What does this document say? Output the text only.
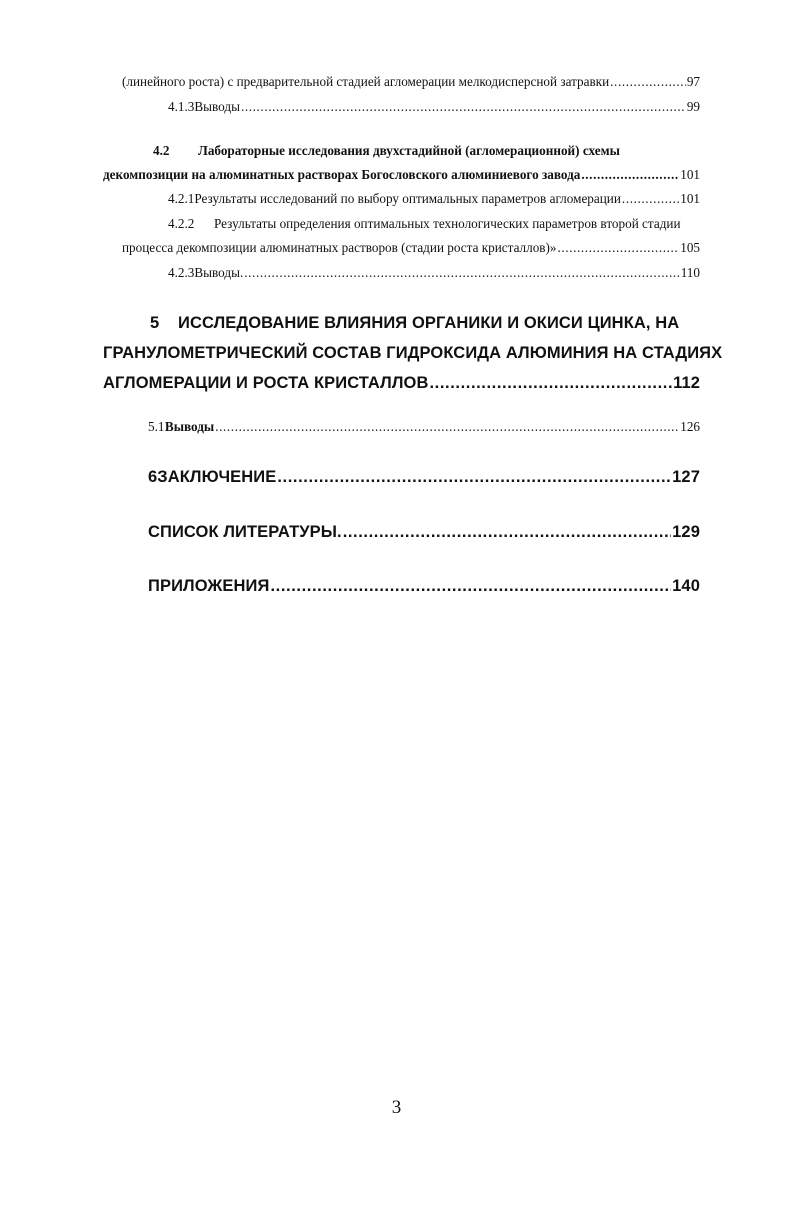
(линейного роста) с предварительной стадией агломерации мелкодисперсной затравки .....	97
4.1.3 Выводы .....	99
4.2 Лабораторные исследования двухстадийной (агломерационной) схемы
декомпозиции на алюминатных растворах Богословского алюминиевого завода .....	101
4.2.1 Результаты исследований по выбору оптимальных параметров агломерации .....	101
4.2.2 Результаты определения оптимальных технологических параметров второй стадии
процесса декомпозиции алюминатных растворов (стадии роста кристаллов)» .....	105
4.2.3 Выводы. .....	110
5 ИССЛЕДОВАНИЕ ВЛИЯНИЯ ОРГАНИКИ И ОКИСИ ЦИНКА, НА
ГРАНУЛОМЕТРИЧЕСКИЙ СОСТАВ ГИДРОКСИДА АЛЮМИНИЯ НА СТАДИЯХ
АГЛОМЕРАЦИИ И РОСТА КРИСТАЛЛОВ .....	112
5.1 Выводы .....	126
6 ЗАКЛЮЧЕНИЕ .....	127
СПИСОК ЛИТЕРАТУРЫ. .....	129
ПРИЛОЖЕНИЯ .....	140
3
